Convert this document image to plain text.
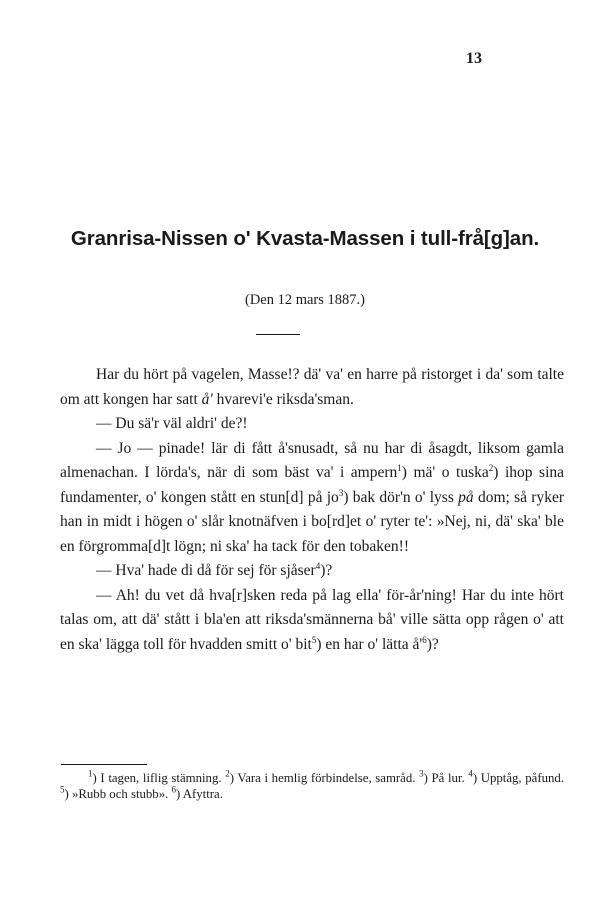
13
Granrisa-Nissen o' Kvasta-Massen i tull-frå[g]an.
(Den 12 mars 1887.)

Har du hört på vagelen, Masse!? dä' va' en harre på ristorget i da' som talte om att kongen har satt å' hvarevi'e riksda'sman.

— Du sä'r väl aldri' de?!

— Jo — pinade! lär di fått å'snusadt, så nu har di åsagdt, liksom gamla almenachan. I lörda's, när di som bäst va' i ampern$^1$) mä' o tuska$^2$) ihop sina fundamenter, o' kongen stått en stun[d] på $jo^3$) bak dör'n o' lyss på dom; så ryker han in midt i högen o' slår knotnäfven i bo[rd]et o' ryter te': »Nej, ni, dä' ska' ble en förgromma[d]t lögn; ni ska' ha tack för den tobaken!!

— Hva' hade di då för sej för sjåser$^4$)?

— Ah! du vet då hva[r]sken reda på lag ella' för-år'ning! Har du inte hört talas om, att dä' stått i bla'en att riksda'smännerna bå' ville sätta opp rågen o' att en ska' lägga toll för hvadden smitt o' bit$^5$) en har o' lätta $å'^6$)?

$^1$) I tagen, liflig stämning. $^2$) Vara i hemlig förbindelse, samråd. $^3$) På lur. $^4$) Upptåg, påfund. $^5$) »Rubb och stubb». $^6$) Afyttra.
